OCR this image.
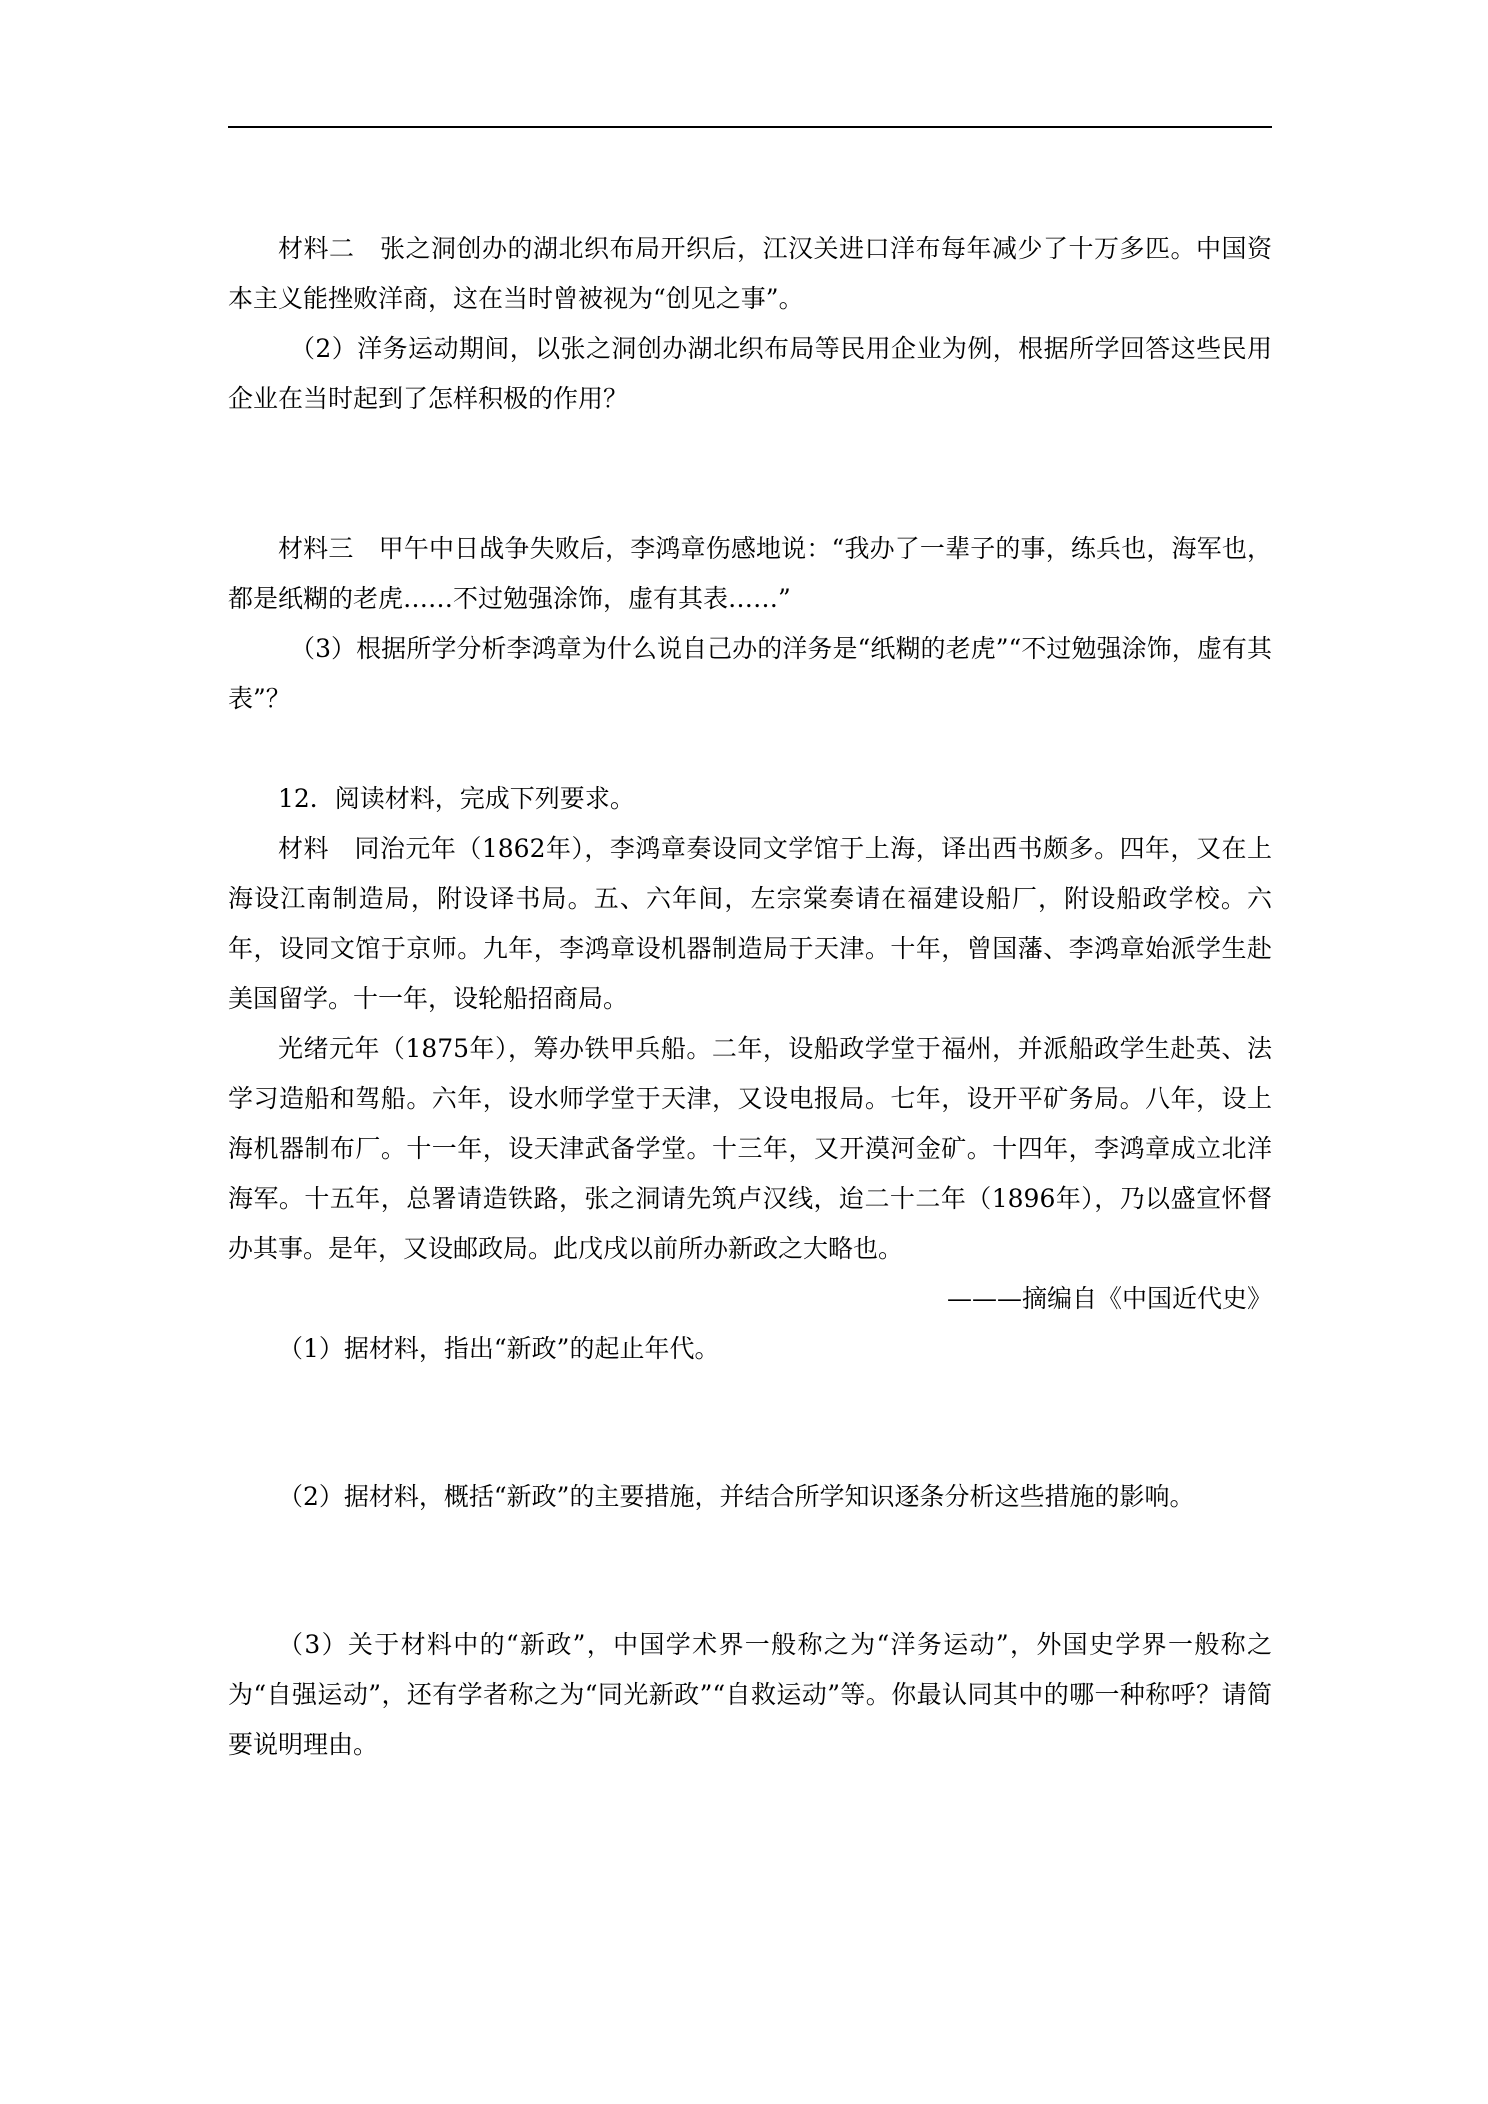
材料二　张之洞创办的湖北织布局开织后，江汉关进口洋布每年减少了十万多匹。中国资本主义能挫败洋商，这在当时曾被视为“创见之事”。

（2）洋务运动期间，以张之洞创办湖北织布局等民用企业为例，根据所学回答这些民用企业在当时起到了怎样积极的作用？

材料三　甲午中日战争失败后，李鸿章伤感地说：“我办了一辈子的事，练兵也，海军也，都是纸糊的老虎……不过勉强涂饰，虚有其表……”

（3）根据所学分析李鸿章为什么说自己办的洋务是“纸糊的老虎”“不过勉强涂饰，虚有其表”？

12．阅读材料，完成下列要求。

材料　同治元年（1862年），李鸿章奏设同文学馆于上海，译出西书颇多。四年，又在上海设江南制造局，附设译书局。五、六年间，左宗棠奏请在福建设船厂，附设船政学校。六年，设同文馆于京师。九年，李鸿章设机器制造局于天津。十年，曾国藩、李鸿章始派学生赴美国留学。十一年，设轮船招商局。

光绪元年（1875年），筹办铁甲兵船。二年，设船政学堂于福州，并派船政学生赴英、法学习造船和驾船。六年，设水师学堂于天津，又设电报局。七年，设开平矿务局。八年，设上海机器制布厂。十一年，设天津武备学堂。十三年，又开漠河金矿。十四年，李鸿章成立北洋海军。十五年，总署请造铁路，张之洞请先筑卢汉线，迨二十二年（1896年），乃以盛宣怀督办其事。是年，又设邮政局。此戊戌以前所办新政之大略也。

———摘编自《中国近代史》

（1）据材料，指出“新政”的起止年代。

（2）据材料，概括“新政”的主要措施，并结合所学知识逐条分析这些措施的影响。

（3）关于材料中的“新政”，中国学术界一般称之为“洋务运动”，外国史学界一般称之为“自强运动”，还有学者称之为“同光新政”“自救运动”等。你最认同其中的哪一种称呼？请简要说明理由。
